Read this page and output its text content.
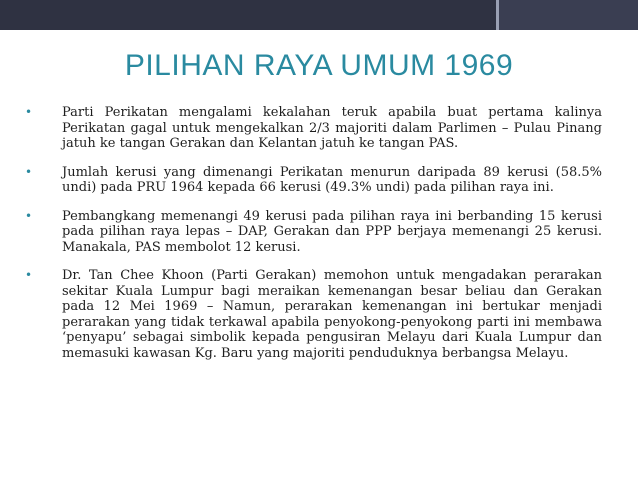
PILIHAN RAYA UMUM 1969
• Parti Perikatan mengalami kekalahan teruk apabila buat pertama kalinya Perikatan gagal untuk mengekalkan 2/3 majoriti dalam Parlimen – Pulau Pinang jatuh ke tangan Gerakan dan Kelantan jatuh ke tangan PAS.
• Jumlah kerusi yang dimenangi Perikatan menurun daripada 89 kerusi (58.5% undi) pada PRU 1964 kepada 66 kerusi (49.3% undi) pada pilihan raya ini.
• Pembangkang memenangi 49 kerusi pada pilihan raya ini berbanding 15 kerusi pada pilihan raya lepas – DAP, Gerakan dan PPP berjaya memenangi 25 kerusi. Manakala, PAS membolot 12 kerusi.
• Dr. Tan Chee Khoon (Parti Gerakan) memohon untuk mengadakan perarakan sekitar Kuala Lumpur bagi meraikan kemenangan besar beliau dan Gerakan pada 12 Mei 1969 – Namun, perarakan kemenangan ini bertukar menjadi perarakan yang tidak terkawal apabila penyokong-penyokong parti ini membawa ‘penyapu’ sebagai simbolik kepada pengusiran Melayu dari Kuala Lumpur dan memasuki kawasan Kg. Baru yang majoriti penduduknya berbangsa Melayu.
